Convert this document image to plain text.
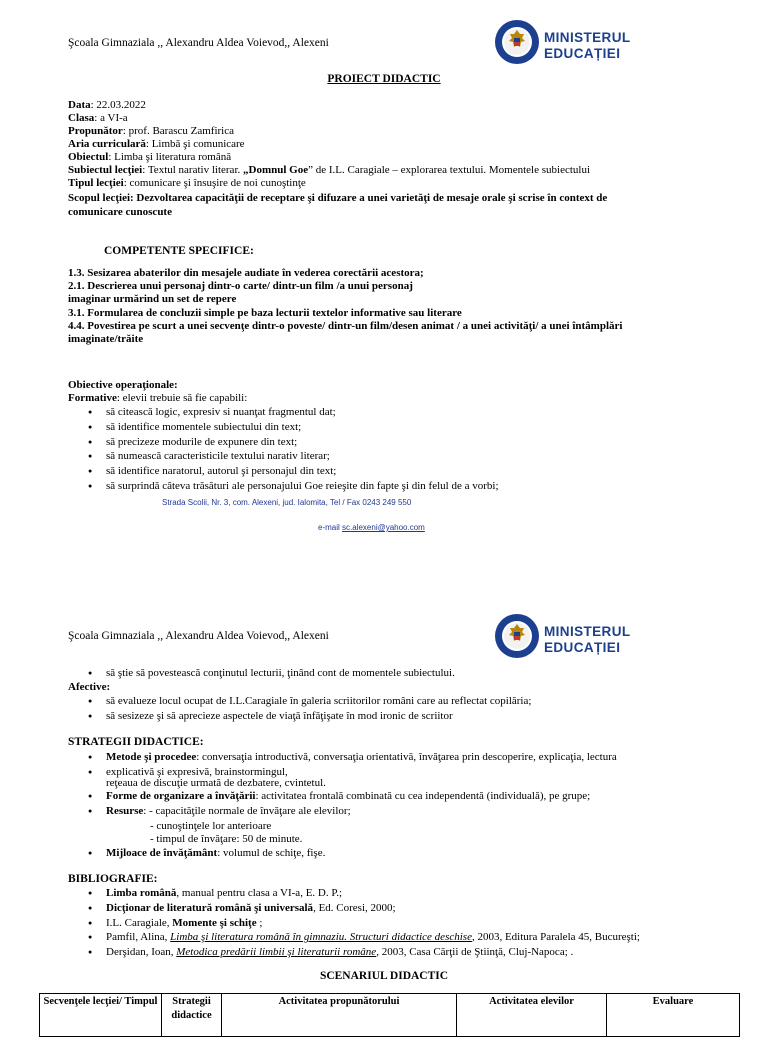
Şcoala Gimnaziala ,, Alexandru Aldea Voievod,, Alexeni	MINISTERUL
EDUCAȚIEI
PROIECT DIDACTIC
Data: 22.03.2022
Clasa: a VI-a
Propunător: prof. Barascu Zamfirica
Aria curriculară: Limbă şi comunicare
Obiectul: Limba şi literatura română
Subiectul lecţiei: Textul narativ literar. „Domnul Goe” de I.L. Caragiale – explorarea textului. Momentele subiectului
Tipul lecţiei: comunicare şi însuşire de noi cunoştinţe
Scopul lecţiei: Dezvoltarea capacităţii de receptare şi difuzare a unei varietăţi de mesaje orale şi scrise în context de
comunicare cunoscute
COMPETENTE SPECIFICE:
1.3. Sesizarea abaterilor din mesajele audiate în vederea corectării acestora;
2.1. Descrierea unui personaj dintr-o carte/ dintr-un film /a unui personaj
imaginar urmărind un set de repere
3.1. Formularea de concluzii simple pe baza lecturii textelor informative sau literare
4.4. Povestirea pe scurt a unei secvenţe dintr-o poveste/ dintr-un film/desen animat / a unei activităţi/ a unei întâmplări
imaginate/trăite
Obiective operaţionale:
Formative: elevii trebuie să fie capabili:
● să citească logic, expresiv si nuanţat fragmentul dat;
● să identifice momentele subiectului din text;
● să precizeze modurile de expunere din text;
● să numească caracteristicile textului narativ literar;
● să identifice naratorul, autorul şi personajul din text;
● să surprindă câteva trăsături ale personajului Goe reieşite din fapte şi din felul de a vorbi;
Strada Scolii, Nr. 3, com. Alexeni, jud. Ialomita, Tel / Fax 0243 249 550
e-mail sc.alexeni@yahoo.com
Şcoala Gimnaziala ,, Alexandru Aldea Voievod,, Alexeni	MINISTERUL
EDUCAȚIEI
● să ştie să povestească conţinutul lecturii, ţinând cont de momentele subiectului.
Afective:
● să evalueze locul ocupat de I.L.Caragiale în galeria scriitorilor români care au reflectat copilăria;
● să sesizeze şi să aprecieze aspectele de viaţă înfăţişate în mod ironic de scriitor
STRATEGII DIDACTICE:
● Metode şi procedee: conversaţia introductivă, conversaţia orientativă, învăţarea prin descoperire, explicaţia, lectura
● explicativă şi expresivă, brainstormingul,
reţeaua de discuţie urmată de dezbatere, cvintetul.
● Forme de organizare a învăţării: activitatea frontală combinată cu cea independentă (individuală), pe grupe;
● Resurse: - capacităţile normale de învăţare ale elevilor;
- cunoştinţele lor anterioare
- timpul de învăţare: 50 de minute.
● Mijloace de învăţământ: volumul de schiţe, fişe.
BIBLIOGRAFIE:
● Limba română, manual pentru clasa a VI-a, E. D. P.;
● Dicţionar de literatură română şi universală, Ed. Coresi, 2000;
● I.L. Caragiale, Momente şi schiţe ;
● Pamfil, Alina, Limba şi literatura română în gimnaziu. Structuri didactice deschise, 2003, Editura Paralela 45, Bucureşti;
● Derşidan, Ioan, Metodica predării limbii şi literaturii române, 2003, Casa Cărţii de Ştiinţă, Cluj-Napoca; .
SCENARIUL DIDACTIC
Secvenţele lecţiei/ Timpul	Strategii didactice	Activitatea propunătorului	Activitatea elevilor	Evaluare
